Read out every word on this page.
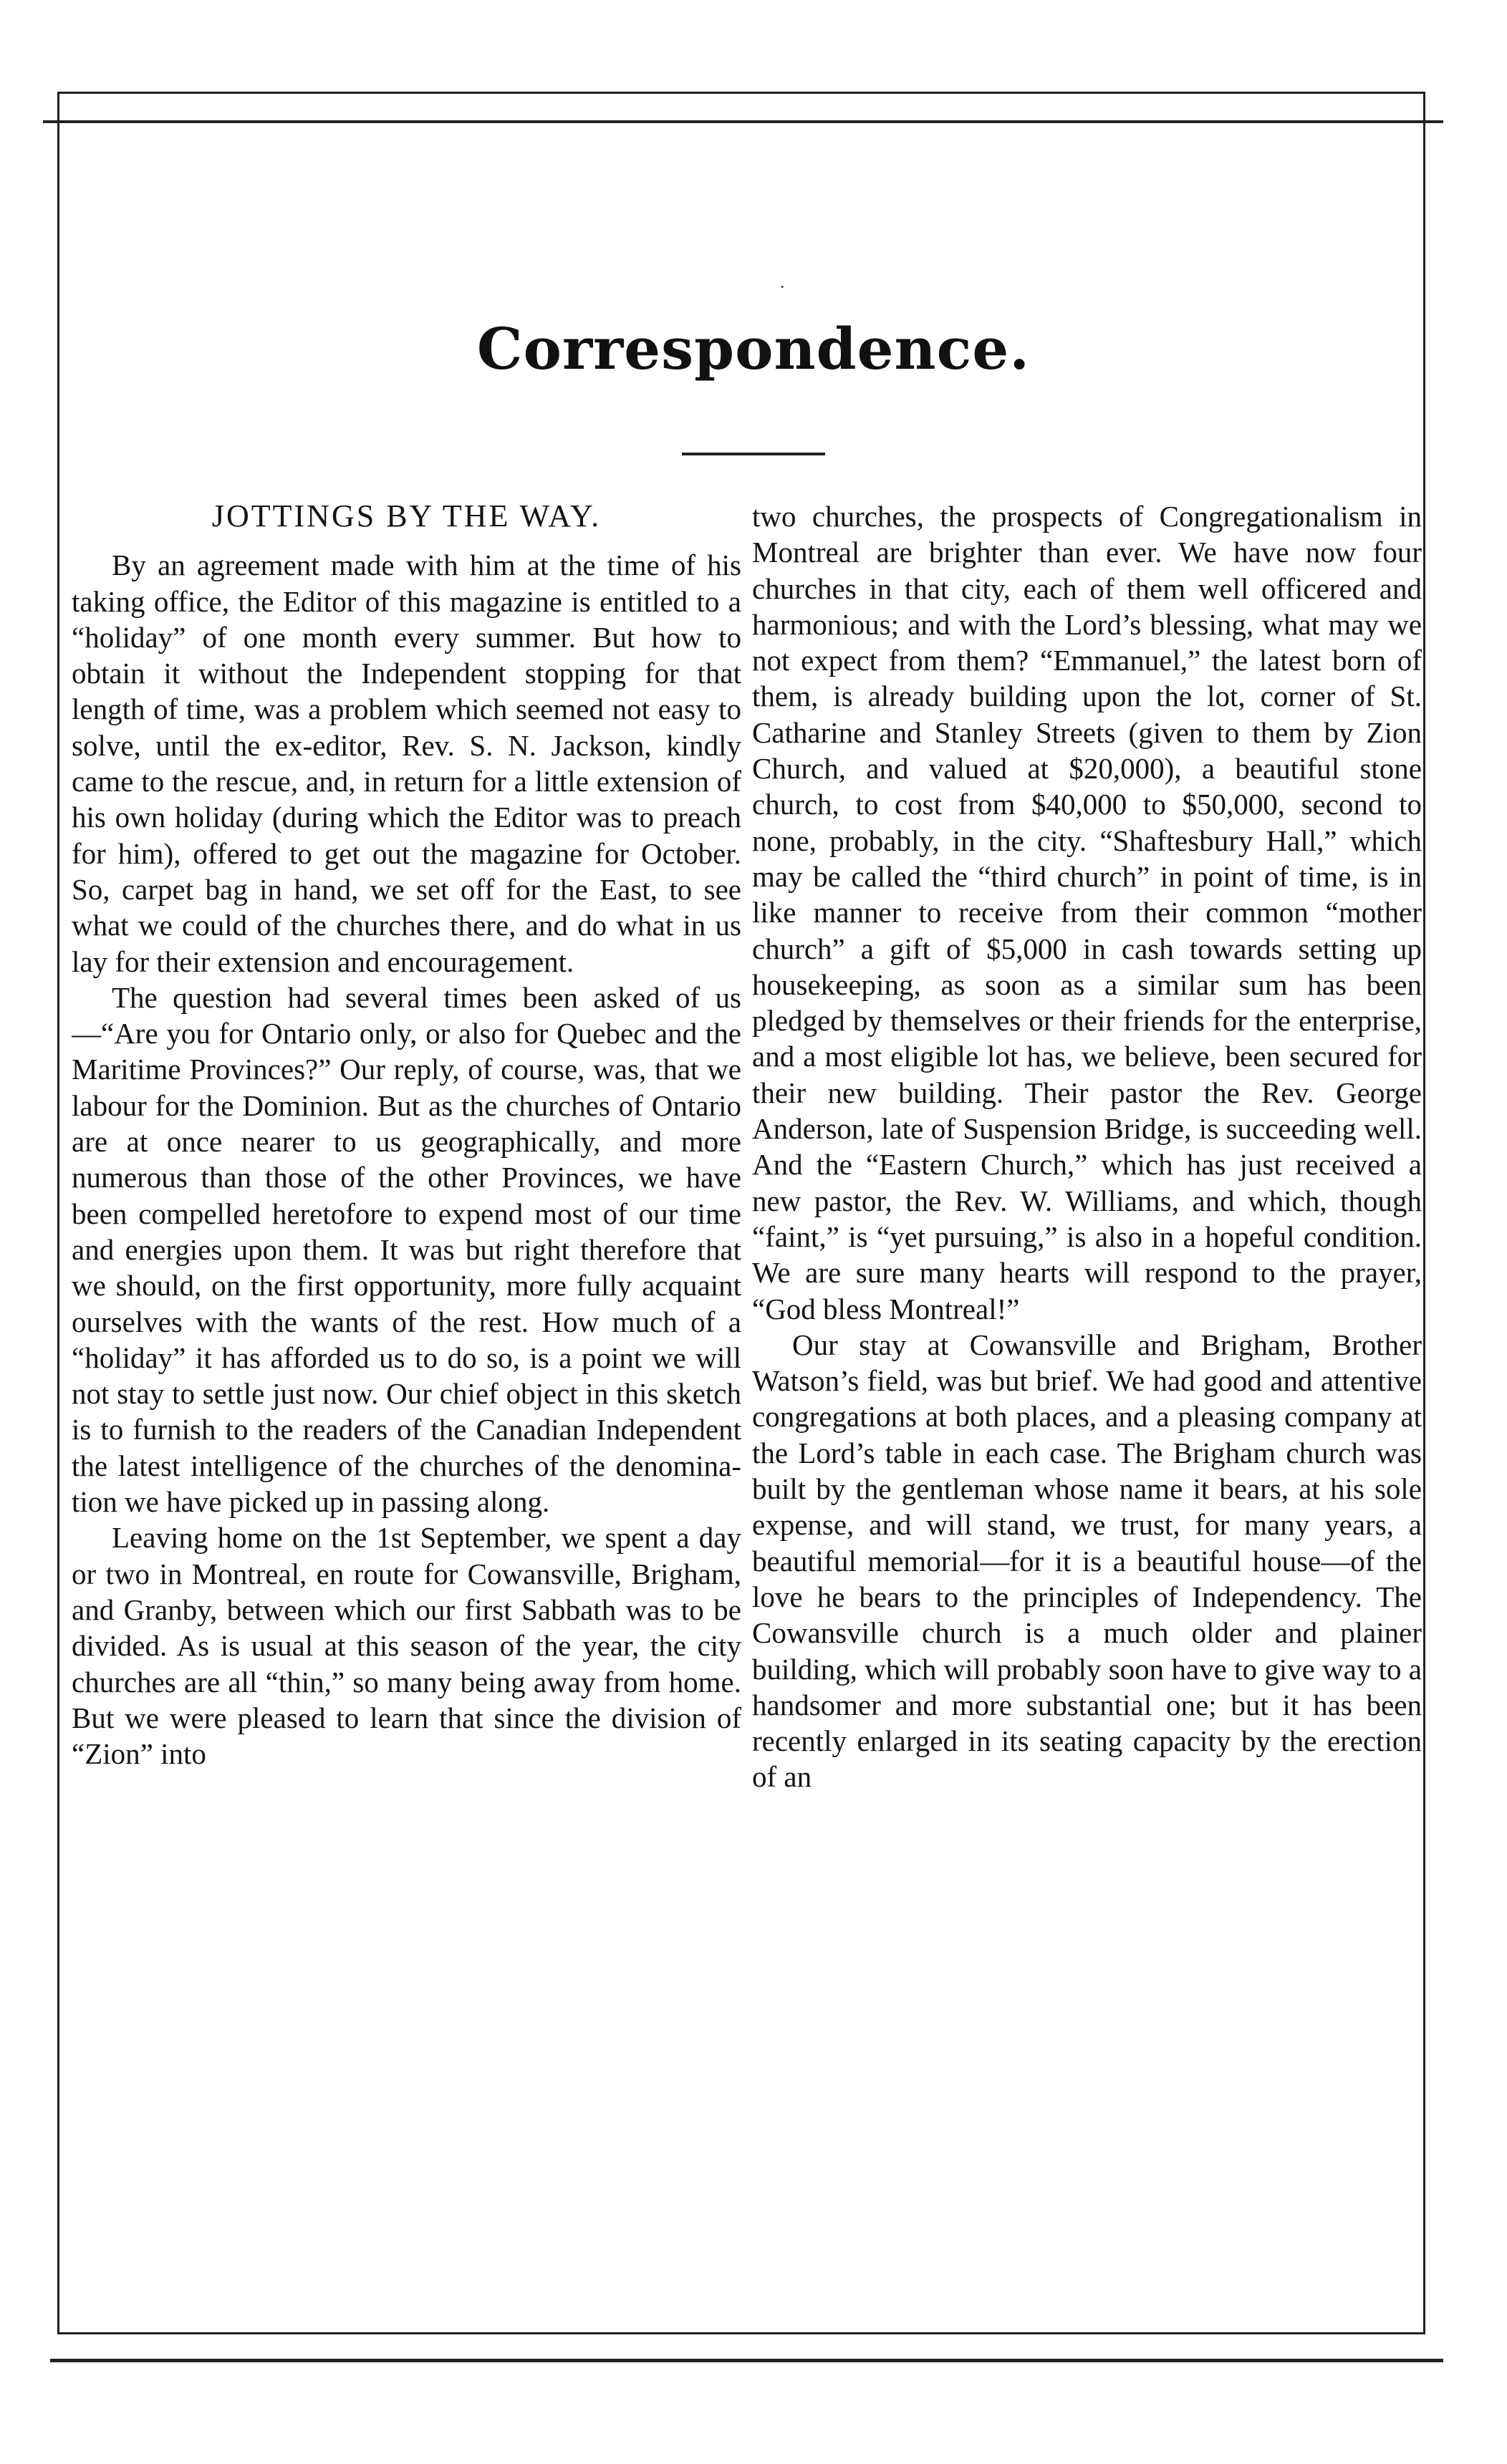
·
Correspondence.
JOTTINGS BY THE WAY.

By an agreement made with him at the time of his taking office, the Editor of this magazine is entitled to a “holiday” of one month every summer. But how to obtain it without the Independent stopping for that length of time, was a problem which seemed not easy to solve, until the ex-editor, Rev. S. N. Jackson, kindly came to the rescue, and, in return for a little extension of his own holiday (during which the Editor was to preach for him), offered to get out the magazine for October. So, carpet bag in hand, we set off for the East, to see what we could of the churches there, and do what in us lay for their extension and encouragement.

The question had several times been asked of us—“Are you for Ontario only, or also for Quebec and the Maritime Provinces?” Our reply, of course, was, that we labour for the Dominion. But as the churches of Ontario are at once nearer to us geographically, and more numerous than those of the other Provinces, we have been compelled heretofore to expend most of our time and energies upon them. It was but right therefore that we should, on the first opportunity, more fully acquaint ourselves with the wants of the rest. How much of a “holiday” it has afforded us to do so, is a point we will not stay to settle just now. Our chief object in this sketch is to furnish to the readers of the Canadian Independent the latest intelligence of the churches of the denomination we have picked up in passing along.

Leaving home on the 1st September, we spent a day or two in Montreal, en route for Cowansville, Brigham, and Granby, between which our first Sabbath was to be divided. As is usual at this season of the year, the city churches are all “thin,” so many being away from home. But we were pleased to learn that since the division of “Zion” into

two churches, the prospects of Congregationalism in Montreal are brighter than ever. We have now four churches in that city, each of them well officered and harmonious; and with the Lord’s blessing, what may we not expect from them? “Emmanuel,” the latest born of them, is already building upon the lot, corner of St. Catharine and Stanley Streets (given to them by Zion Church, and valued at $20,000), a beautiful stone church, to cost from $40,000 to $50,000, second to none, probably, in the city. “Shaftesbury Hall,” which may be called the “third church” in point of time, is in like manner to receive from their common “mother church” a gift of $5,000 in cash towards setting up housekeeping, as soon as a similar sum has been pledged by themselves or their friends for the enterprise, and a most eligible lot has, we believe, been secured for their new building. Their pastor the Rev. George Anderson, late of Suspension Bridge, is succeeding well. And the “Eastern Church,” which has just received a new pastor, the Rev. W. Williams, and which, though “faint,” is “yet pursuing,” is also in a hopeful condition. We are sure many hearts will respond to the prayer, “God bless Montreal!”

Our stay at Cowansville and Brigham, Brother Watson’s field, was but brief. We had good and attentive congregations at both places, and a pleasing company at the Lord’s table in each case. The Brigham church was built by the gentleman whose name it bears, at his sole expense, and will stand, we trust, for many years, a beautiful memorial—for it is a beautiful house—of the love he bears to the principles of Independency. The Cowansville church is a much older and plainer building, which will probably soon have to give way to a handsomer and more substantial one; but it has been recently enlarged in its seating capacity by the erection of an
